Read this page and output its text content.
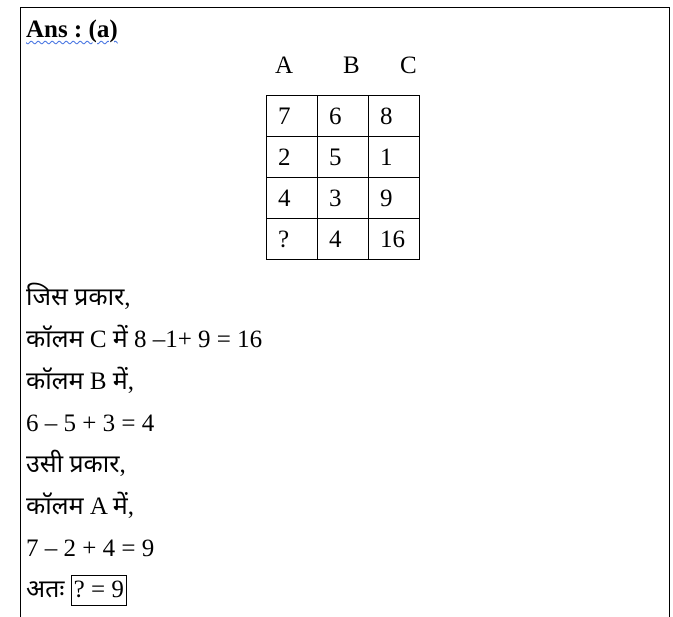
Ans : (a)
A B C
7	6	8
2	5	1
4	3	9
?	4	16
जिस प्रकार,
कॉलम C में 8 –1+ 9 = 16
कॉलम B में,
6 – 5 + 3 = 4
उसी प्रकार,
कॉलम A में,
7 – 2 + 4 = 9
अतः ? = 9
